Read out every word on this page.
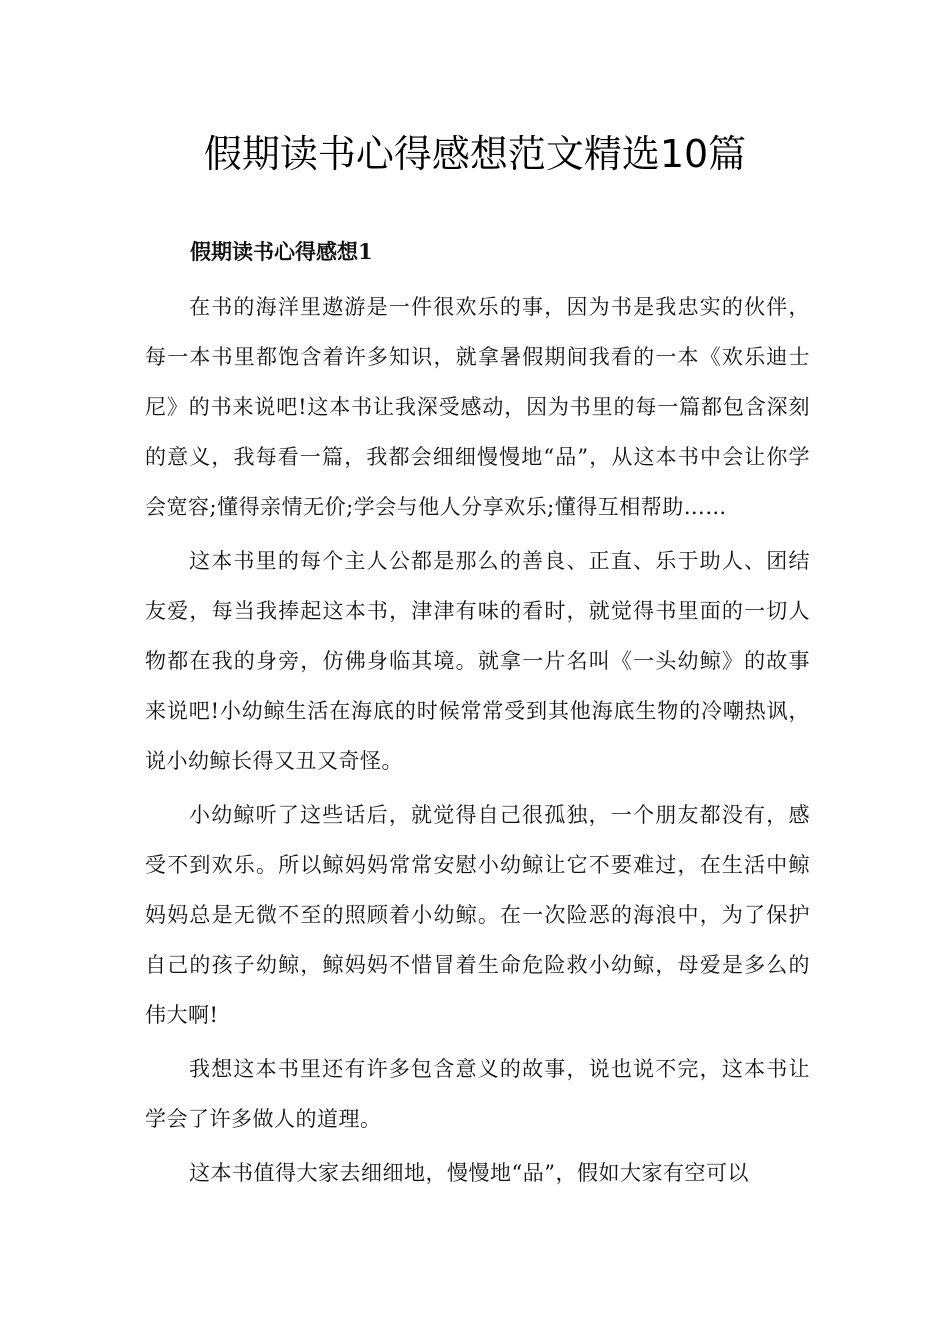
假期读书心得感想范文精选10篇
假期读书心得感想1

在书的海洋里遨游是一件很欢乐的事，因为书是我忠实的伙伴，每一本书里都饱含着许多知识，就拿暑假期间我看的一本《欢乐迪士尼》的书来说吧!这本书让我深受感动，因为书里的每一篇都包含深刻的意义，我每看一篇，我都会细细慢慢地“品”，从这本书中会让你学会宽容;懂得亲情无价;学会与他人分享欢乐;懂得互相帮助……

这本书里的每个主人公都是那么的善良、正直、乐于助人、团结友爱，每当我捧起这本书，津津有味的看时，就觉得书里面的一切人物都在我的身旁，仿佛身临其境。就拿一片名叫《一头幼鲸》的故事来说吧!小幼鲸生活在海底的时候常常受到其他海底生物的冷嘲热讽，说小幼鲸长得又丑又奇怪。

小幼鲸听了这些话后，就觉得自己很孤独，一个朋友都没有，感受不到欢乐。所以鲸妈妈常常安慰小幼鲸让它不要难过，在生活中鲸妈妈总是无微不至的照顾着小幼鲸。在一次险恶的海浪中，为了保护自己的孩子幼鲸，鲸妈妈不惜冒着生命危险救小幼鲸，母爱是多么的伟大啊!

我想这本书里还有许多包含意义的故事，说也说不完，这本书让学会了许多做人的道理。

这本书值得大家去细细地，慢慢地“品”，假如大家有空可以
